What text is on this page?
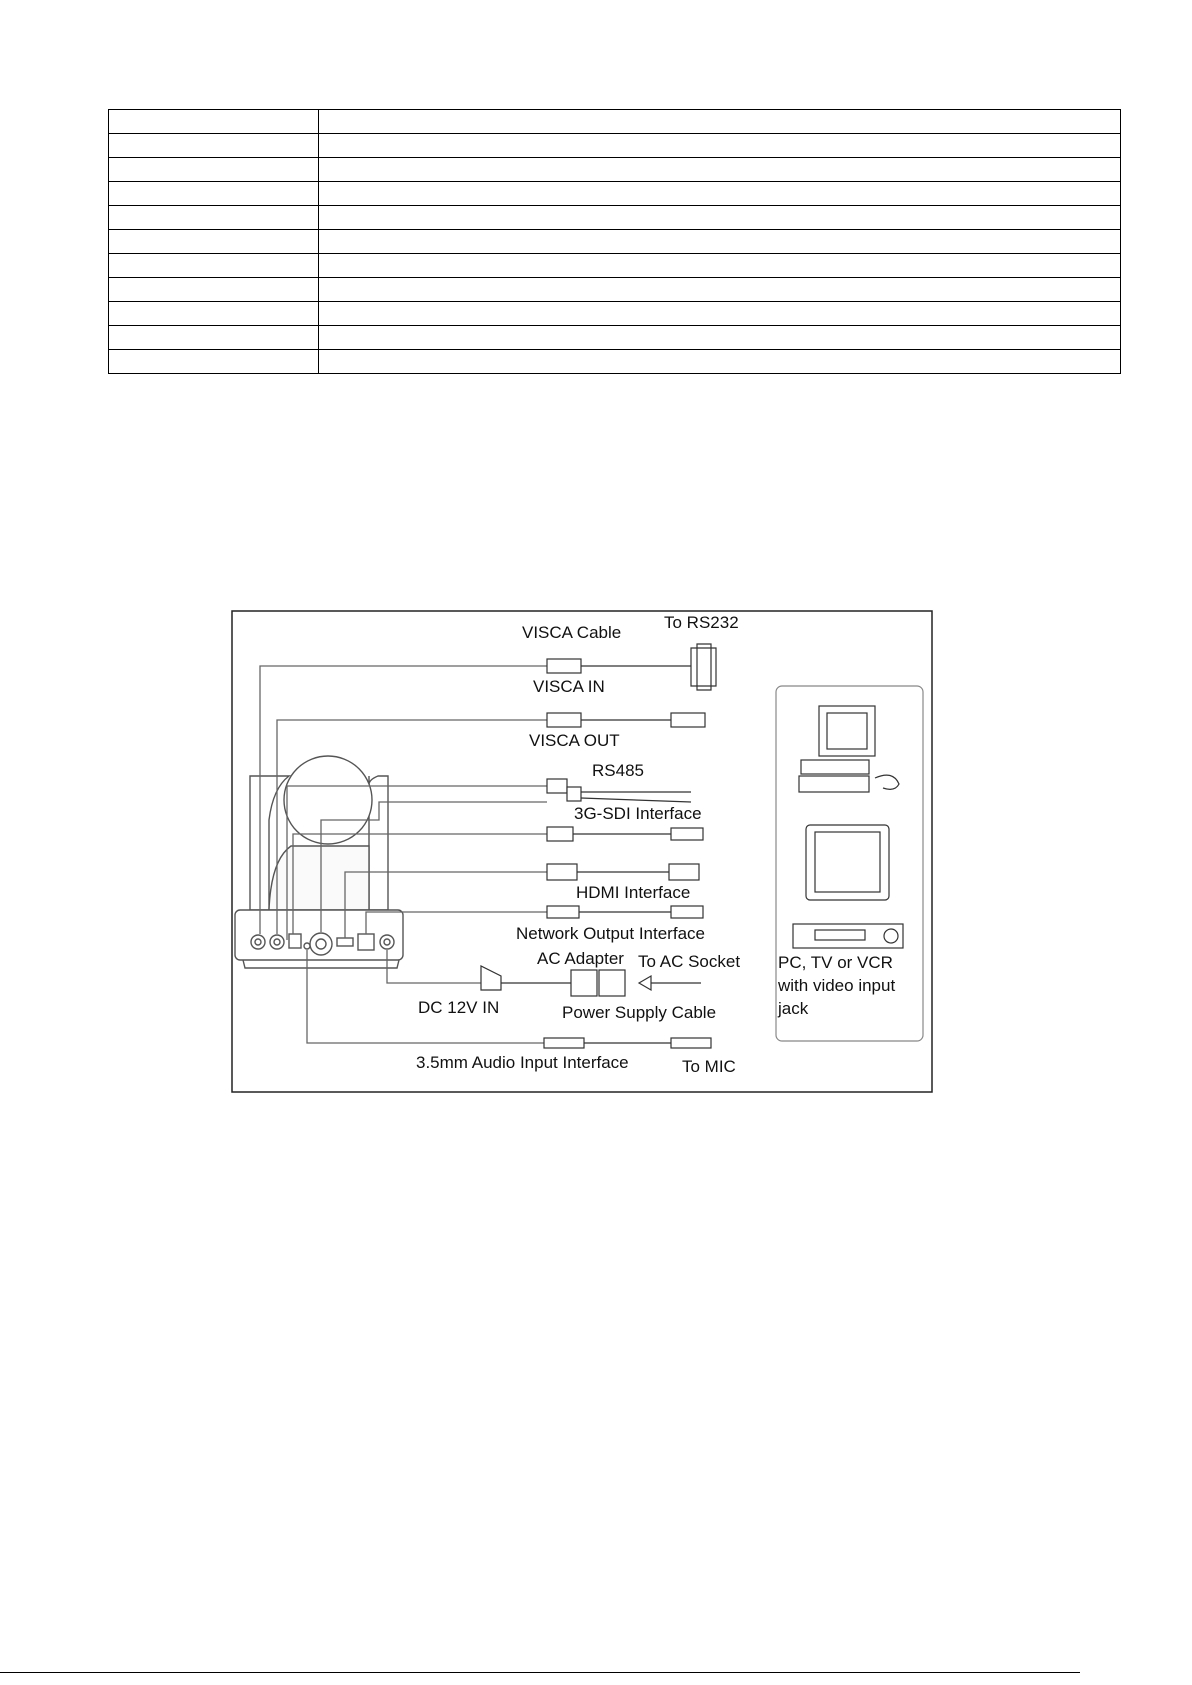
VISCA Cable
To RS232
VISCA IN
VISCA OUT
RS485
3G-SDI Interface
HDMI Interface
Network Output Interface
AC Adapter To AC Socket
DC 12V IN	Power Supply Cable
3.5mm Audio Input Interface	To MIC
PC, TV or VCR
with video input
jack
